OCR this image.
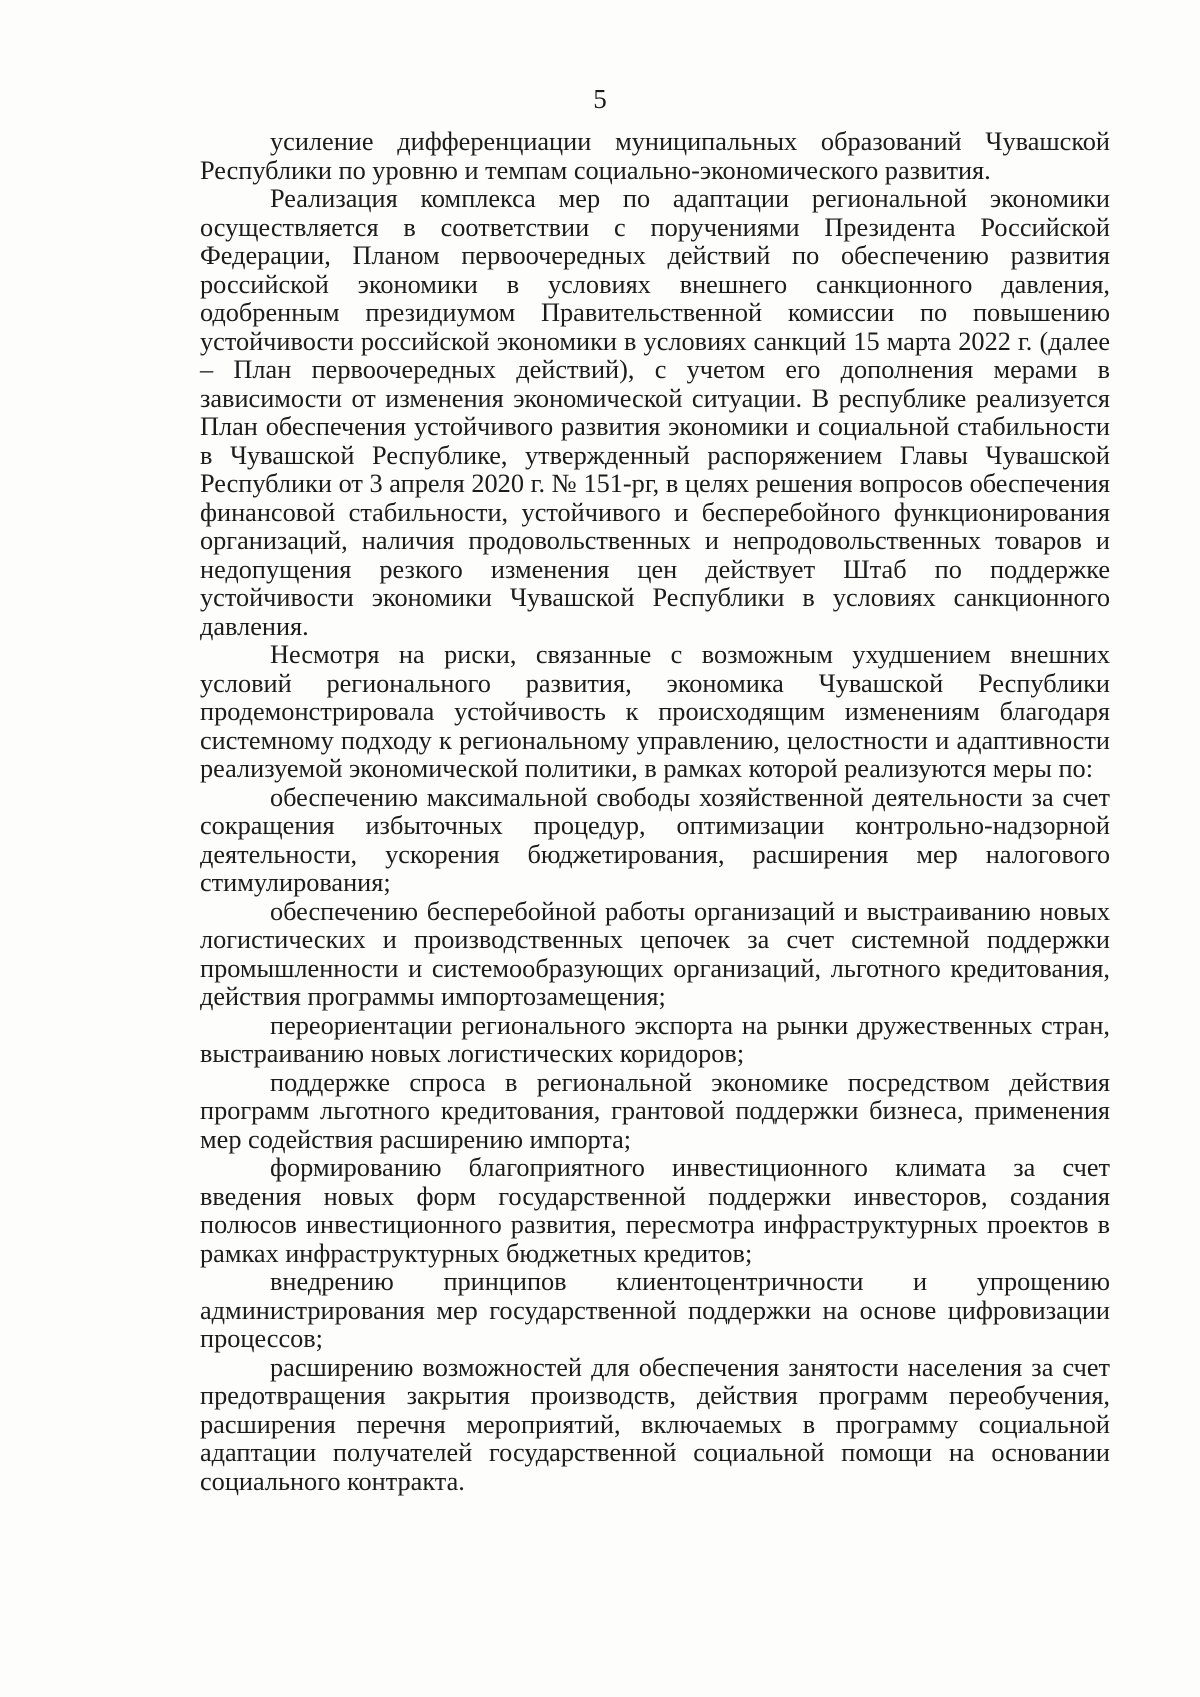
5

усиление дифференциации муниципальных образований Чувашской Республики по уровню и темпам социально-экономического развития.

Реализация комплекса мер по адаптации региональной экономики осуществляется в соответствии с поручениями Президента Российской Федерации, Планом первоочередных действий по обеспечению развития российской экономики в условиях внешнего санкционного давления, одобренным президиумом Правительственной комиссии по повышению устойчивости российской экономики в условиях санкций 15 марта 2022 г. (далее – План первоочередных действий), с учетом его дополнения мерами в зависимости от изменения экономической ситуации. В республике реализуется План обеспечения устойчивого развития экономики и социальной стабильности в Чувашской Республике, утвержденный распоряжением Главы Чувашской Республики от 3 апреля 2020 г. № 151-рг, в целях решения вопросов обеспечения финансовой стабильности, устойчивого и бесперебойного функционирования организаций, наличия продовольственных и непродовольственных товаров и недопущения резкого изменения цен действует Штаб по поддержке устойчивости экономики Чувашской Республики в условиях санкционного давления.

Несмотря на риски, связанные с возможным ухудшением внешних условий регионального развития, экономика Чувашской Республики продемонстрировала устойчивость к происходящим изменениям благодаря системному подходу к региональному управлению, целостности и адаптивности реализуемой экономической политики, в рамках которой реализуются меры по:

обеспечению максимальной свободы хозяйственной деятельности за счет сокращения избыточных процедур, оптимизации контрольно-надзорной деятельности, ускорения бюджетирования, расширения мер налогового стимулирования;

обеспечению бесперебойной работы организаций и выстраиванию новых логистических и производственных цепочек за счет системной поддержки промышленности и системообразующих организаций, льготного кредитования, действия программы импортозамещения;

переориентации регионального экспорта на рынки дружественных стран, выстраиванию новых логистических коридоров;

поддержке спроса в региональной экономике посредством действия программ льготного кредитования, грантовой поддержки бизнеса, применения мер содействия расширению импорта;

формированию благоприятного инвестиционного климата за счет введения новых форм государственной поддержки инвесторов, создания полюсов инвестиционного развития, пересмотра инфраструктурных проектов в рамках инфраструктурных бюджетных кредитов;

внедрению принципов клиентоцентричности и упрощению администрирования мер государственной поддержки на основе цифровизации процессов;

расширению возможностей для обеспечения занятости населения за счет предотвращения закрытия производств, действия программ переобучения, расширения перечня мероприятий, включаемых в программу социальной адаптации получателей государственной социальной помощи на основании социального контракта.
